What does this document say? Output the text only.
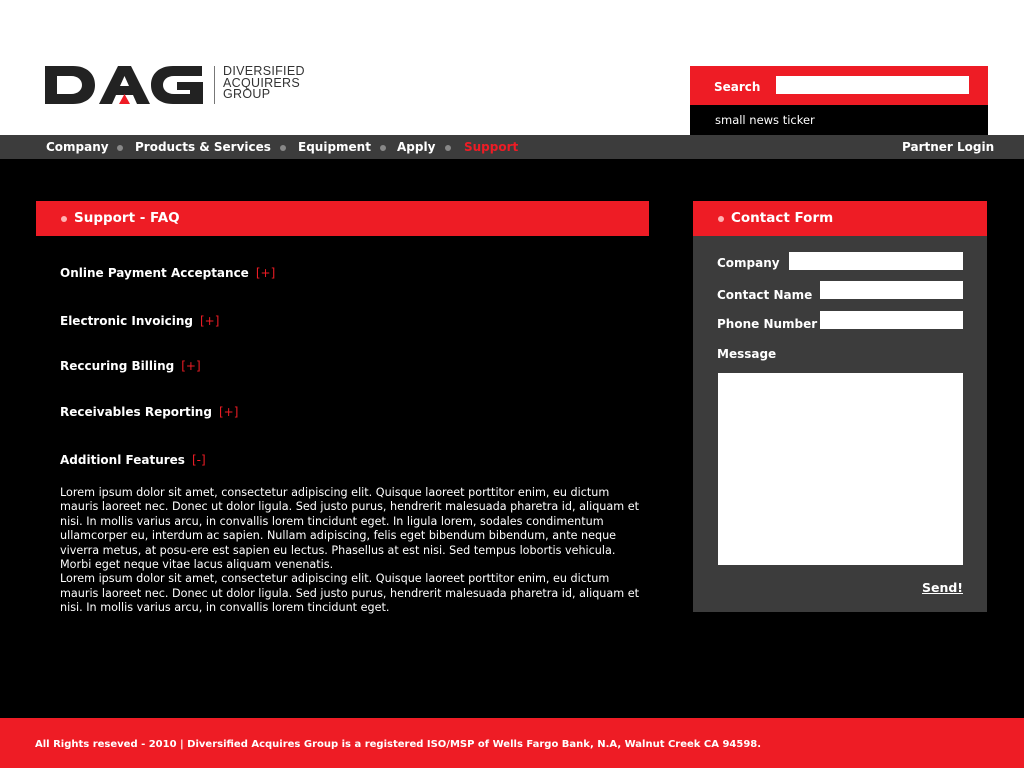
DIVERSIFIED
ACQUIRERS
GROUP	Search
small news ticker
Company Products & Services Equipment Apply Support	Partner Login
Support - FAQ
Online Payment Acceptance [+]
Electronic Invoicing [+]
Reccuring Billing [+]
Receivables Reporting [+]
Additionl Features [-]

Lorem ipsum dolor sit amet, consectetur adipiscing elit. Quisque laoreet porttitor enim, eu dictum mauris laoreet nec. Donec ut dolor ligula. Sed justo purus, hendrerit malesuada pharetra id, aliquam et nisi. In mollis varius arcu, in convallis lorem tincidunt eget. In ligula lorem, sodales condimentum ullamcorper eu, interdum ac sapien. Nullam adipiscing, felis eget bibendum bibendum, ante neque viverra metus, at posu-ere est sapien eu lectus. Phasellus at est nisi. Sed tempus lobortis vehicula. Morbi eget neque vitae lacus aliquam venenatis.

Lorem ipsum dolor sit amet, consectetur adipiscing elit. Quisque laoreet porttitor enim, eu dictum mauris laoreet nec. Donec ut dolor ligula. Sed justo purus, hendrerit malesuada pharetra id, aliquam et nisi. In mollis varius arcu, in convallis lorem tincidunt eget.

Contact Form
Company
Contact Name
Phone Number
Message
Send!
All Rights reseved - 2010 | Diversified Acquires Group is a registered ISO/MSP of Wells Fargo Bank, N.A, Walnut Creek CA 94598.
